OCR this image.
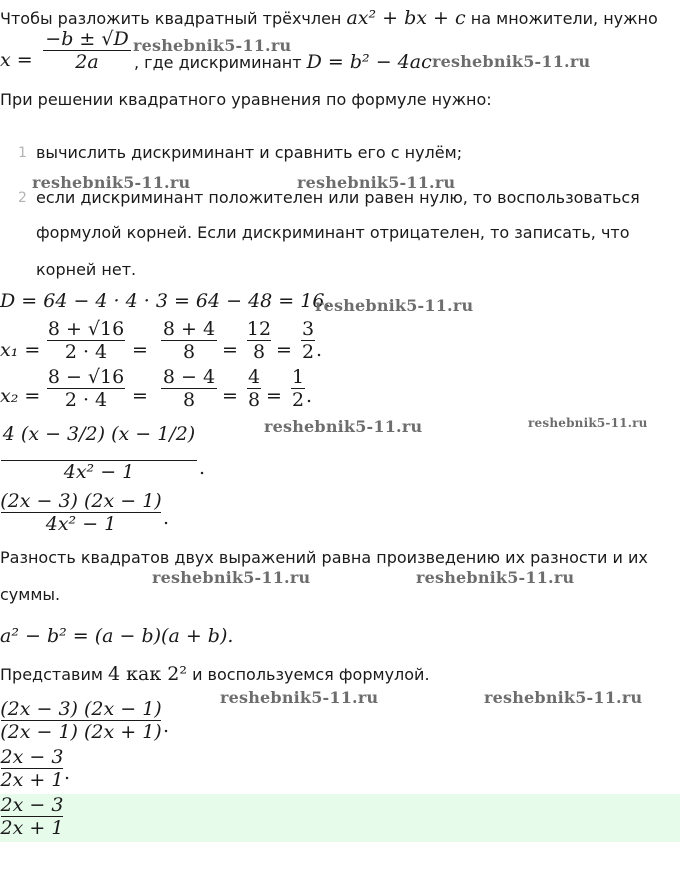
Чтобы разложить квадратный трёхчлен ax² + bx + c на множители, нужно
x =
−b ± √D
2a	, где дискриминант D = b² − 4ac
reshebnik5-11.ru
reshebnik5-11.ru
При решении квадратного уравнения по формуле нужно:
1 вычислить дискриминант и сравнить его с нулём;
reshebnik5-11.ru	reshebnik5-11.ru
2 если дискриминант положителен или равен нулю, то воспользоваться
формулой корней. Если дискриминант отрицателен, то записать, что
корней нет.
D = 64 − 4 · 4 · 3 = 64 − 48 = 16.
reshebnik5-11.ru
x₁ =
8 + √16
2 · 4	=
8 + 4
8	=
12
8 =
3
2 .
x₂ =
8 − √16
2 · 4	=
8 − 4
8	=
4
8 =
1
2 .
4 (x − 3/2) (x − 1/2)
4x² − 1	.
reshebnik5-11.ru	reshebnik5-11.ru
(2x − 3) (2x − 1)
4x² − 1	.
Разность квадратов двух выражений равна произведению их разности и их
reshebnik5-11.ru	reshebnik5-11.ru
суммы.
a² − b² = (a − b)(a + b).
Представим 4 как 2² и воспользуемся формулой.
(2x − 3) (2x − 1)
(2x − 1) (2x + 1) .
reshebnik5-11.ru	reshebnik5-11.ru
2x − 3
2x + 1 .
2x − 3
2x + 1
